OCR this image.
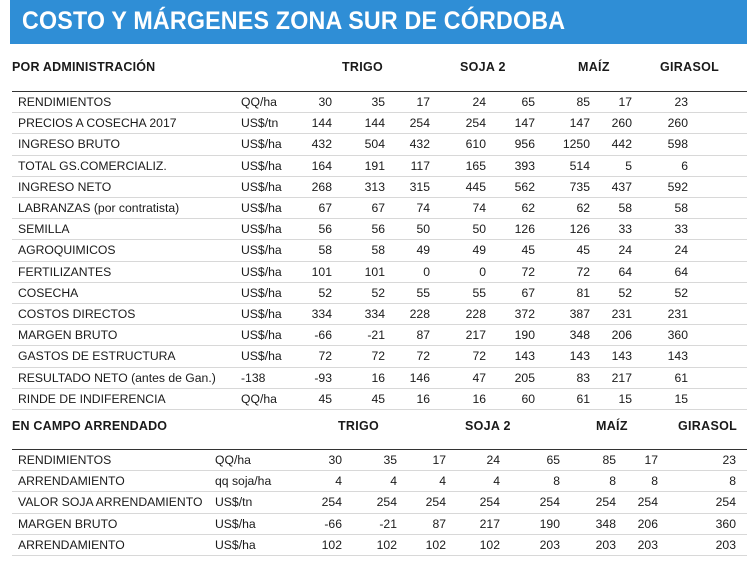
COSTO Y MÁRGENES ZONA SUR DE CÓRDOBA
POR ADMINISTRACIÓN	TRIGO	SOJA 2	MAÍZ	GIRASOL
RENDIMIENTOS	QQ/ha	30	35	17	24	65	85	17	23
PRECIOS A COSECHA 2017	US$/tn	144	144	254	254	147	147	260	260
INGRESO BRUTO	US$/ha	432	504	432	610	956	1250	442	598
TOTAL GS.COMERCIALIZ.	US$/ha	164	191	117	165	393	514	5	6
INGRESO NETO	US$/ha	268	313	315	445	562	735	437	592
LABRANZAS (por contratista)	US$/ha	67	67	74	74	62	62	58	58
SEMILLA	US$/ha	56	56	50	50	126	126	33	33
AGROQUIMICOS	US$/ha	58	58	49	49	45	45	24	24
FERTILIZANTES	US$/ha	101	101	0	0	72	72	64	64
COSECHA	US$/ha	52	52	55	55	67	81	52	52
COSTOS DIRECTOS	US$/ha	334	334	228	228	372	387	231	231
MARGEN BRUTO	US$/ha	-66	-21	87	217	190	348	206	360
GASTOS DE ESTRUCTURA	US$/ha	72	72	72	72	143	143	143	143
RESULTADO NETO (antes de Gan.) -138	-93	16	146	47	205	83	217	61
RINDE DE INDIFERENCIA	QQ/ha	45	45	16	16	60	61	15	15
EN CAMPO ARRENDADO	TRIGO	SOJA 2	MAÍZ	GIRASOL
RENDIMIENTOS	QQ/ha	30	35	17	24	65	85	17	23
ARRENDAMIENTO	qq soja/ha	4	4	4	4	8	8	8	8
VALOR SOJA ARRENDAMIENTO US$/tn	254	254	254	254	254	254	254	254
MARGEN BRUTO	US$/ha	-66	-21	87	217	190	348	206	360
ARRENDAMIENTO	US$/ha	102	102	102	102	203	203	203	203
